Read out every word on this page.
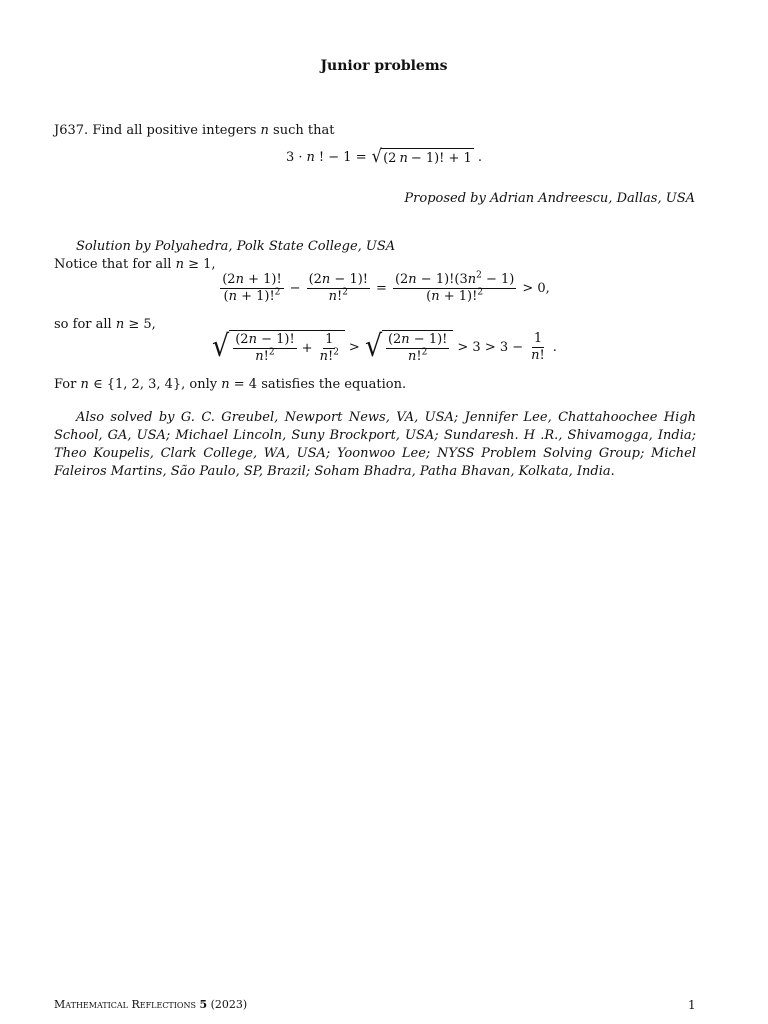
Junior problems
J637. Find all positive integers n such that
3 · n ! − 1 = √ (2 n − 1)! + 1 .
Proposed by Adrian Andreescu, Dallas, USA
Solution by Polyahedra, Polk State College, USA
Notice that for all n ≥ 1,
$\frac{(2n + 1)!}{(n + 1)!^2} - \frac{(2n - 1)!}{n!^2} = \frac{(2n - 1)!(3n^2 - 1)}{(n + 1)!^2} > 0$,
so for all n ≥ 5,
√ $\frac{(2n - 1)!}{n!^2} + \frac{1}{n!^2}$ > √ $\frac{(2n - 1)!}{n!^2} > 3 > 3 - \frac{1}{n!}$ .
For n ∈ {1, 2, 3, 4}, only n = 4 satisfies the equation.
Also solved by G. C. Greubel, Newport News, VA, USA; Jennifer Lee, Chattahoochee High School, GA, USA; Michael Lincoln, Suny Brockport, USA; Sundaresh. H .R., Shivamogga, India; Theo Koupelis, Clark College, WA, USA; Yoonwoo Lee; NYSS Problem Solving Group; Michel Faleiros Martins, São Paulo, SP, Brazil; Soham Bhadra, Patha Bhavan, Kolkata, India.
Mathematical Reflections 5 (2023)	1
